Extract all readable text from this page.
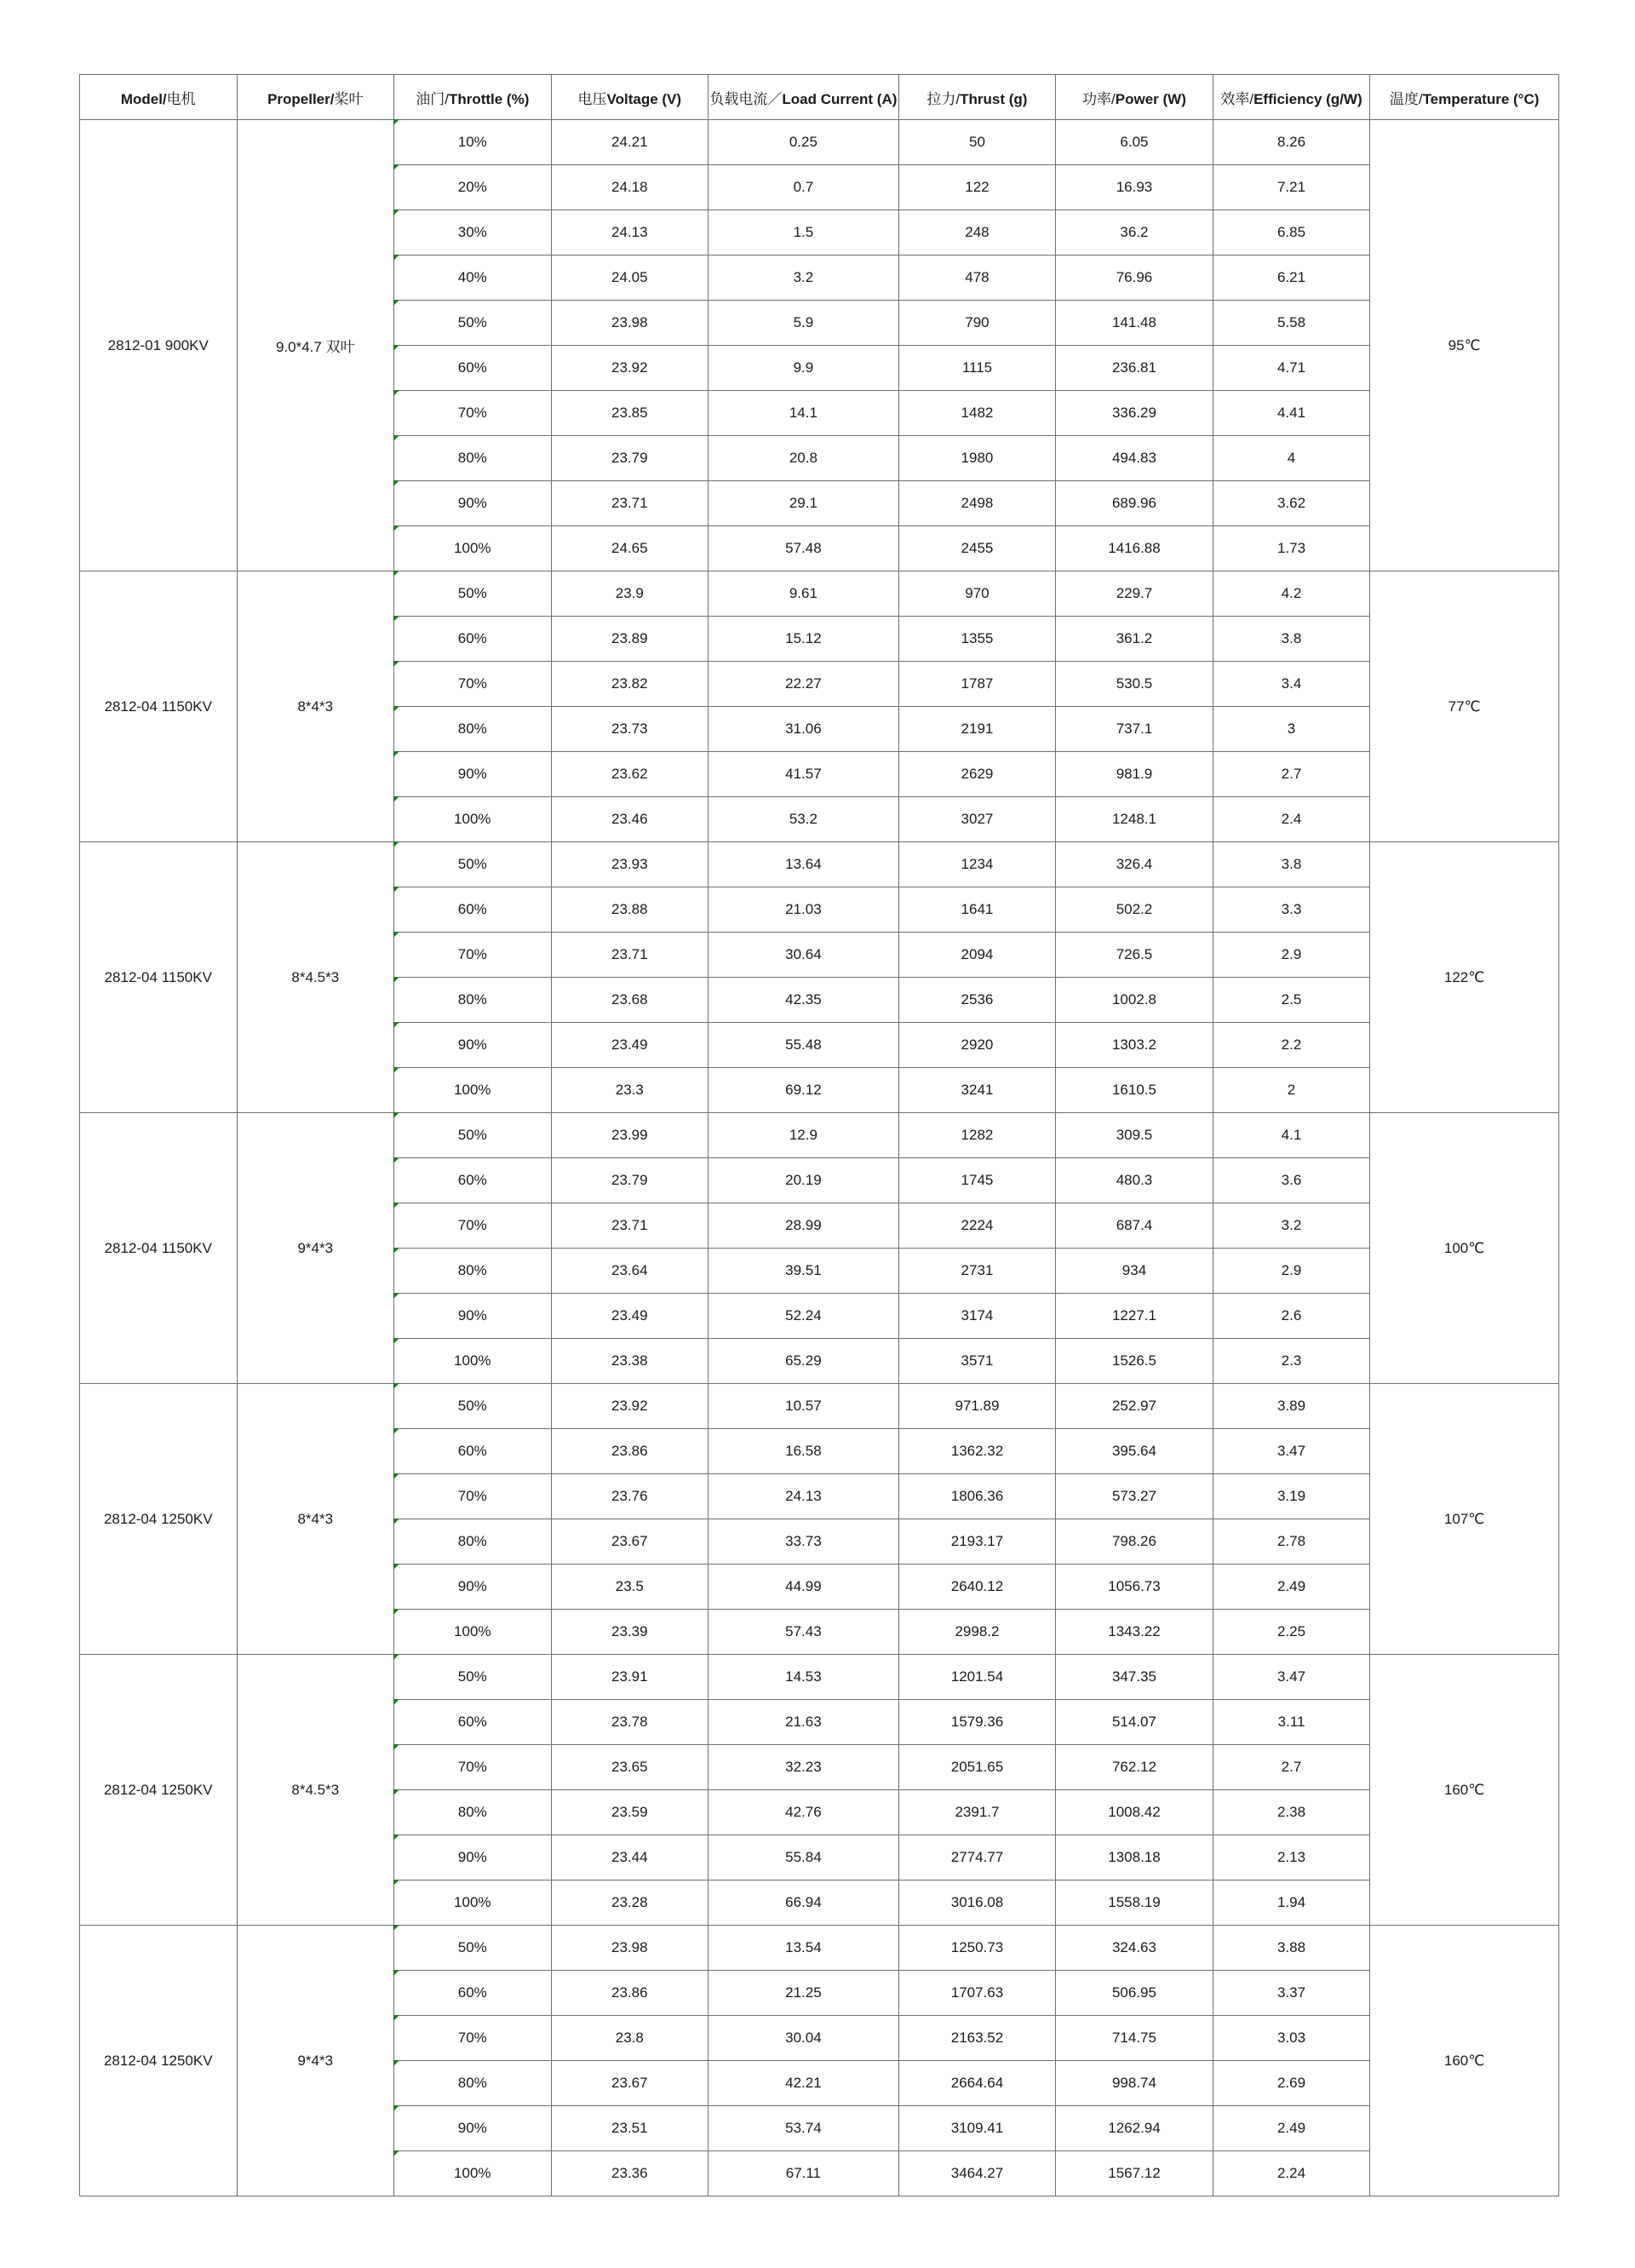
Model/电机	Propeller/桨叶	油门/Throttle (%)	电压Voltage (V)	负载电流／Load Current (A)	拉力/Thrust (g)	功率/Power (W)	效率/Efficiency (g/W)	温度/Temperature (°C)
2812-01 900KV	9.0*4.7 双叶	10%	24.21	0.25	50	6.05	8.26	95℃
		20%	24.18	0.7	122	16.93	7.21	
		30%	24.13	1.5	248	36.2	6.85	
		40%	24.05	3.2	478	76.96	6.21	
		50%	23.98	5.9	790	141.48	5.58	
		60%	23.92	9.9	1115	236.81	4.71	
		70%	23.85	14.1	1482	336.29	4.41	
		80%	23.79	20.8	1980	494.83	4	
		90%	23.71	29.1	2498	689.96	3.62	
		100%	24.65	57.48	2455	1416.88	1.73	
2812-04 1150KV	8*4*3	50%	23.9	9.61	970	229.7	4.2	77℃
		60%	23.89	15.12	1355	361.2	3.8	
		70%	23.82	22.27	1787	530.5	3.4	
		80%	23.73	31.06	2191	737.1	3	
		90%	23.62	41.57	2629	981.9	2.7	
		100%	23.46	53.2	3027	1248.1	2.4	
2812-04 1150KV	8*4.5*3	50%	23.93	13.64	1234	326.4	3.8	122℃
		60%	23.88	21.03	1641	502.2	3.3	
		70%	23.71	30.64	2094	726.5	2.9	
		80%	23.68	42.35	2536	1002.8	2.5	
		90%	23.49	55.48	2920	1303.2	2.2	
		100%	23.3	69.12	3241	1610.5	2	
2812-04 1150KV	9*4*3	50%	23.99	12.9	1282	309.5	4.1	100℃
		60%	23.79	20.19	1745	480.3	3.6	
		70%	23.71	28.99	2224	687.4	3.2	
		80%	23.64	39.51	2731	934	2.9	
		90%	23.49	52.24	3174	1227.1	2.6	
		100%	23.38	65.29	3571	1526.5	2.3	
2812-04 1250KV	8*4*3	50%	23.92	10.57	971.89	252.97	3.89	107℃
		60%	23.86	16.58	1362.32	395.64	3.47	
		70%	23.76	24.13	1806.36	573.27	3.19	
		80%	23.67	33.73	2193.17	798.26	2.78	
		90%	23.5	44.99	2640.12	1056.73	2.49	
		100%	23.39	57.43	2998.2	1343.22	2.25	
2812-04 1250KV	8*4.5*3	50%	23.91	14.53	1201.54	347.35	3.47	160℃
		60%	23.78	21.63	1579.36	514.07	3.11	
		70%	23.65	32.23	2051.65	762.12	2.7	
		80%	23.59	42.76	2391.7	1008.42	2.38	
		90%	23.44	55.84	2774.77	1308.18	2.13	
		100%	23.28	66.94	3016.08	1558.19	1.94	
2812-04 1250KV	9*4*3	50%	23.98	13.54	1250.73	324.63	3.88	160℃
		60%	23.86	21.25	1707.63	506.95	3.37	
		70%	23.8	30.04	2163.52	714.75	3.03	
		80%	23.67	42.21	2664.64	998.74	2.69	
		90%	23.51	53.74	3109.41	1262.94	2.49	
		100%	23.36	67.11	3464.27	1567.12	2.24	
